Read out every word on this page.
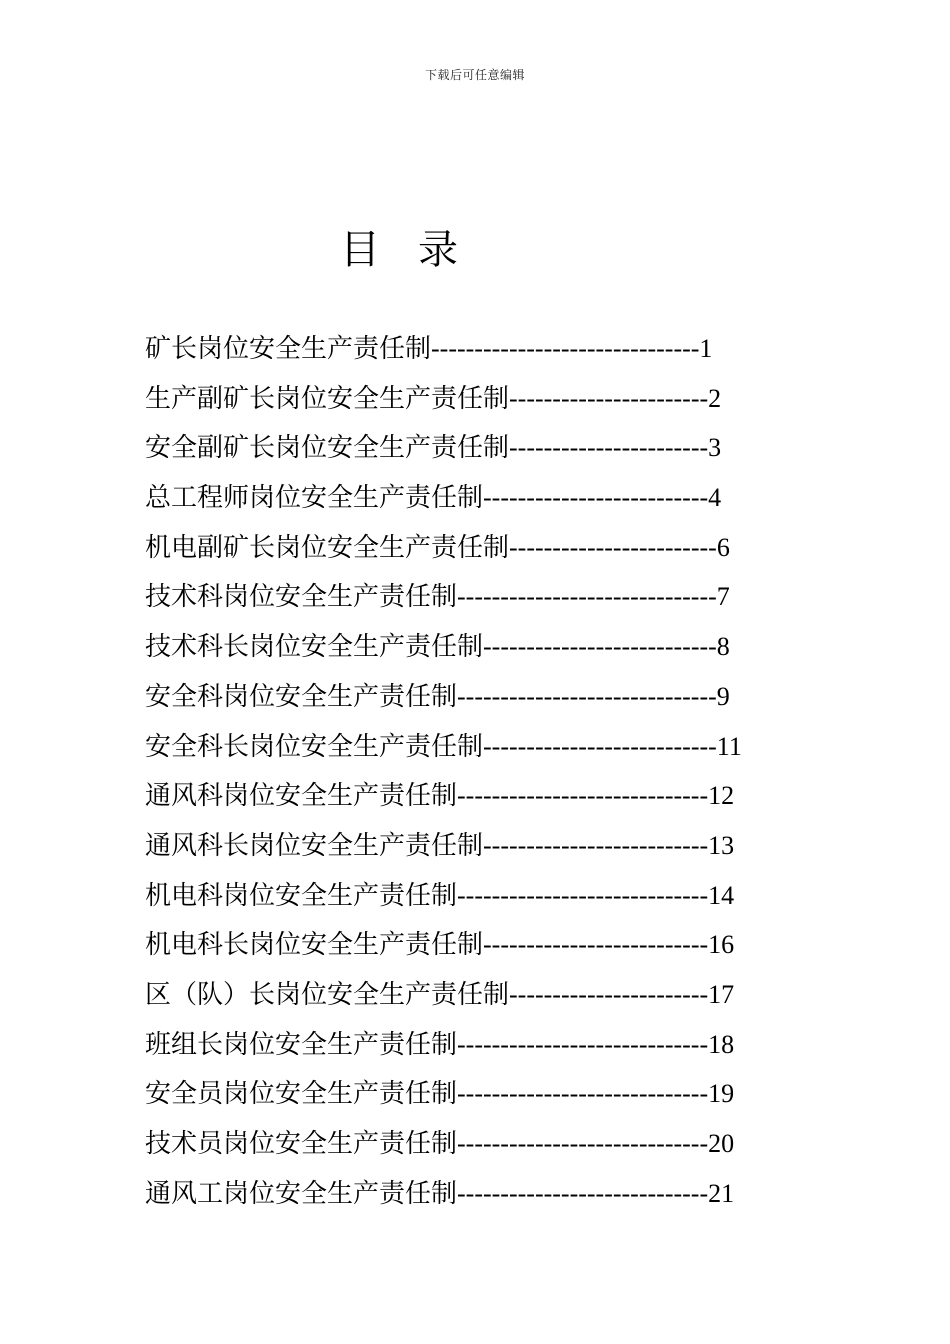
下载后可任意编辑
目 录
矿长岗位安全生产责任制-------------------------------1
生产副矿长岗位安全生产责任制-----------------------2
安全副矿长岗位安全生产责任制-----------------------3
总工程师岗位安全生产责任制--------------------------4
机电副矿长岗位安全生产责任制------------------------6
技术科岗位安全生产责任制------------------------------7
技术科长岗位安全生产责任制---------------------------8
安全科岗位安全生产责任制------------------------------9
安全科长岗位安全生产责任制---------------------------11
通风科岗位安全生产责任制-----------------------------12
通风科长岗位安全生产责任制--------------------------13
机电科岗位安全生产责任制-----------------------------14
机电科长岗位安全生产责任制--------------------------16
区（队）长岗位安全生产责任制-----------------------17
班组长岗位安全生产责任制-----------------------------18
安全员岗位安全生产责任制-----------------------------19
技术员岗位安全生产责任制-----------------------------20
通风工岗位安全生产责任制-----------------------------21
